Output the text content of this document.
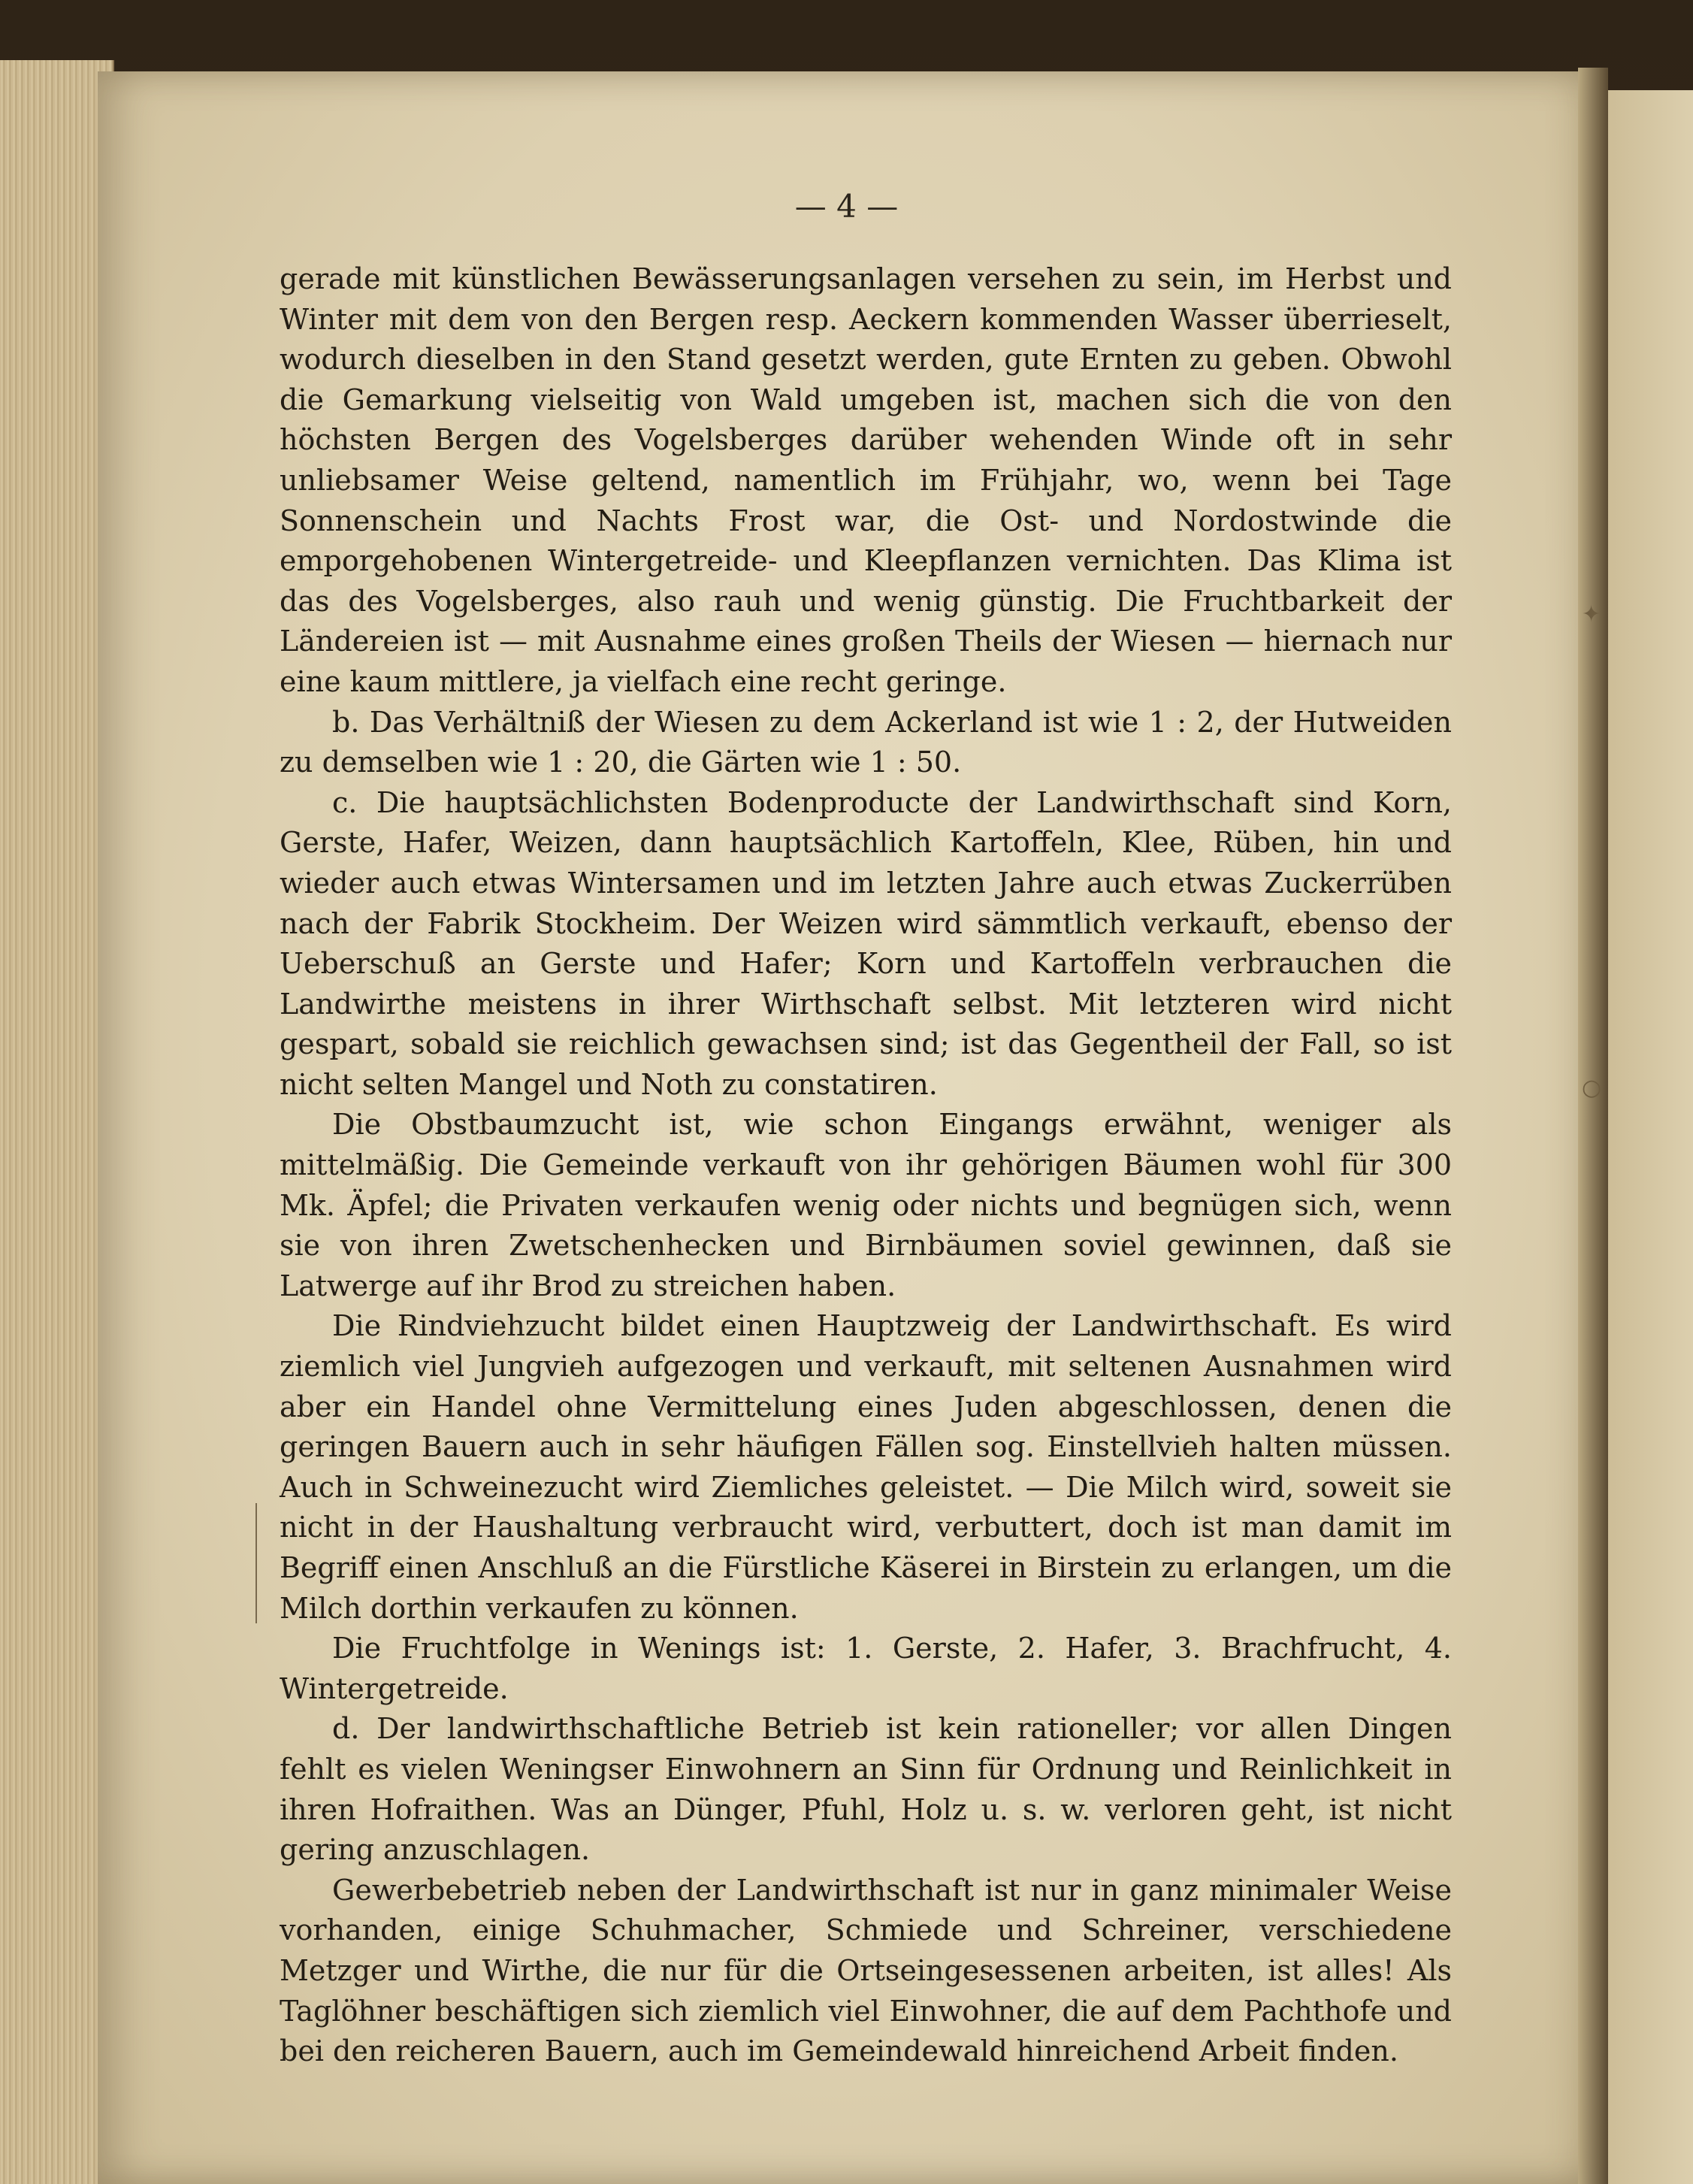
✦
○
— 4 —

gerade mit künstlichen Bewässerungsanlagen versehen zu sein, im Herbst und Winter mit dem von den Bergen resp. Aeckern kommenden Wasser überrieselt, wodurch dieselben in den Stand gesetzt werden, gute Ernten zu geben. Obwohl die Gemarkung vielseitig von Wald umgeben ist, machen sich die von den höchsten Bergen des Vogelsberges darüber wehenden Winde oft in sehr unliebsamer Weise geltend, namentlich im Frühjahr, wo, wenn bei Tage Sonnenschein und Nachts Frost war, die Ost- und Nordostwinde die emporgehobenen Wintergetreide- und Kleepflanzen vernichten. Das Klima ist das des Vogelsberges, also rauh und wenig günstig. Die Fruchtbarkeit der Ländereien ist — mit Ausnahme eines großen Theils der Wiesen — hiernach nur eine kaum mittlere, ja vielfach eine recht geringe.

b. Das Verhältniß der Wiesen zu dem Ackerland ist wie 1 : 2, der Hutweiden zu demselben wie 1 : 20, die Gärten wie 1 : 50.

c. Die hauptsächlichsten Bodenproducte der Landwirthschaft sind Korn, Gerste, Hafer, Weizen, dann hauptsächlich Kartoffeln, Klee, Rüben, hin und wieder auch etwas Wintersamen und im letzten Jahre auch etwas Zuckerrüben nach der Fabrik Stockheim. Der Weizen wird sämmtlich verkauft, ebenso der Ueberschuß an Gerste und Hafer; Korn und Kartoffeln verbrauchen die Landwirthe meistens in ihrer Wirthschaft selbst. Mit letzteren wird nicht gespart, sobald sie reichlich gewachsen sind; ist das Gegentheil der Fall, so ist nicht selten Mangel und Noth zu constatiren.

Die Obstbaumzucht ist, wie schon Eingangs erwähnt, weniger als mittelmäßig. Die Gemeinde verkauft von ihr gehörigen Bäumen wohl für 300 Mk. Äpfel; die Privaten verkaufen wenig oder nichts und begnügen sich, wenn sie von ihren Zwetschenhecken und Birnbäumen soviel gewinnen, daß sie Latwerge auf ihr Brod zu streichen haben.

Die Rindviehzucht bildet einen Hauptzweig der Landwirthschaft. Es wird ziemlich viel Jungvieh aufgezogen und verkauft, mit seltenen Ausnahmen wird aber ein Handel ohne Vermittelung eines Juden abgeschlossen, denen die geringen Bauern auch in sehr häufigen Fällen sog. Einstellvieh halten müssen. Auch in Schweinezucht wird Ziemliches geleistet. — Die Milch wird, soweit sie nicht in der Haushaltung verbraucht wird, verbuttert, doch ist man damit im Begriff einen Anschluß an die Fürstliche Käserei in Birstein zu erlangen, um die Milch dorthin verkaufen zu können.

Die Fruchtfolge in Wenings ist: 1. Gerste, 2. Hafer, 3. Brachfrucht, 4. Wintergetreide.

d. Der landwirthschaftliche Betrieb ist kein rationeller; vor allen Dingen fehlt es vielen Weningser Einwohnern an Sinn für Ordnung und Reinlichkeit in ihren Hofraithen. Was an Dünger, Pfuhl, Holz u. s. w. verloren geht, ist nicht gering anzuschlagen.

Gewerbebetrieb neben der Landwirthschaft ist nur in ganz minimaler Weise vorhanden, einige Schuhmacher, Schmiede und Schreiner, verschiedene Metzger und Wirthe, die nur für die Ortseingesessenen arbeiten, ist alles! Als Taglöhner beschäftigen sich ziemlich viel Einwohner, die auf dem Pachthofe und bei den reicheren Bauern, auch im Gemeindewald hinreichend Arbeit finden.
